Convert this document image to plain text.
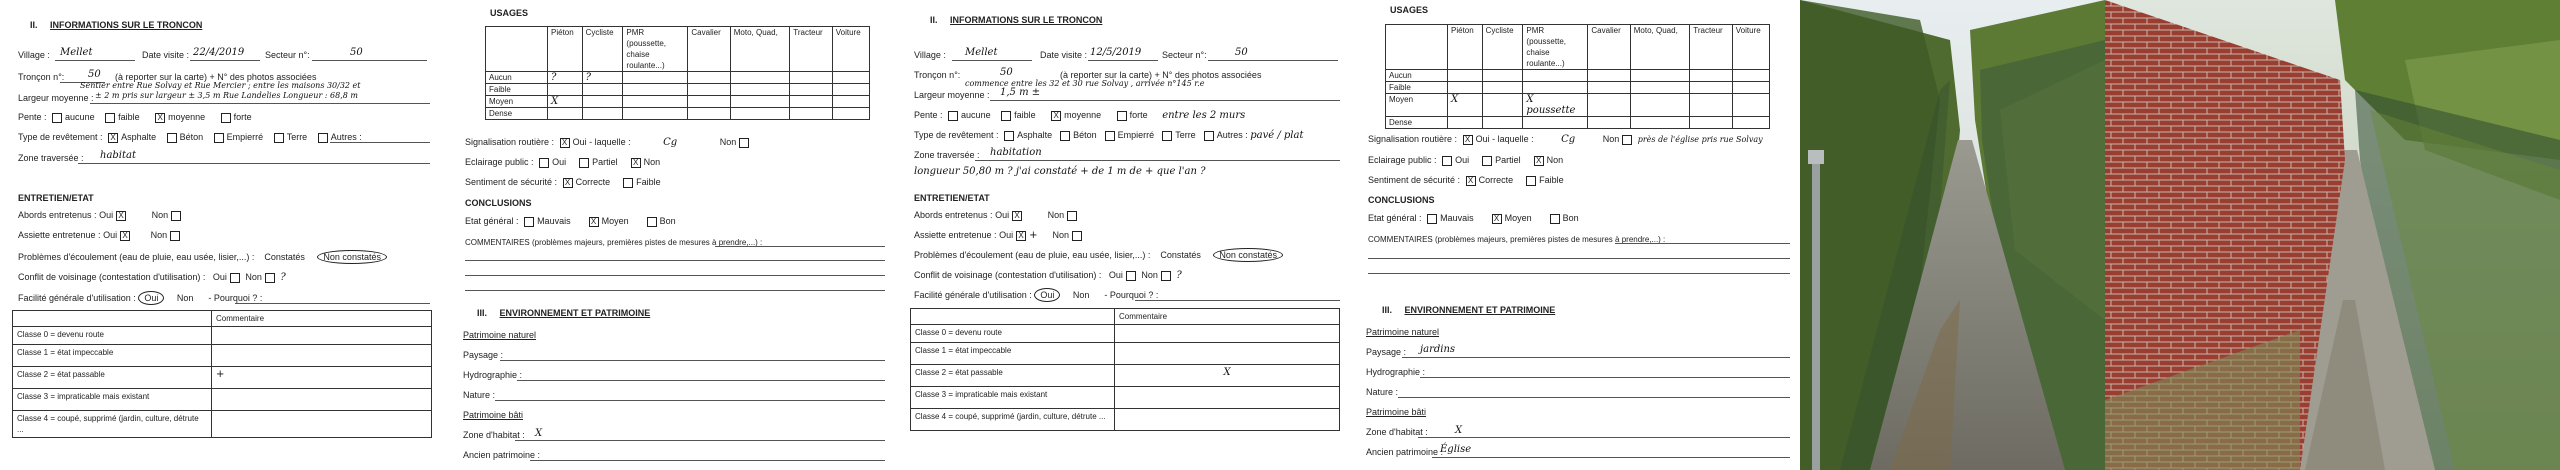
II. INFORMATIONS SUR LE TRONCON
Village : Mellet	Date visite : 22/4/2019 Secteur n°:	50
Tronçon n°: 50 (à reporter sur la carte) + N° des photos associées
Sentier entre Rue Solvay et Rue Mercier ; entre les maisons 30/32 et
Largeur moyenne : ± 2 m pris sur largeur ± 3,5 m Rue Landelies Longueur : 68,8 m
Pente : aucune	faible X moyenne	forte
Type de revêtement : X Asphalte	Béton	Empierré	Terre	Autres :
Zone traversée : habitat
ENTRETIEN/ETAT
Abords entretenus : Oui X	Non
Assiette entretenue : Oui X	Non
Problèmes d'écoulement (eau de pluie, eau usée, lisier,...) : Constatés Non constatés
Conflit de voisinage (contestation d'utilisation) : Oui Non ?
Facilité générale d'utilisation : Oui Non      - Pourquoi ? :
	Commentaire
Classe 0 = devenu route	
Classe 1 = état impeccable	
Classe 2 = état passable	+
Classe 3 = impraticable mais existant	
Classe 4 = coupé, supprimé (jardin, culture, détrute ...	
USAGES
	Piéton	Cycliste	PMR (poussette, chaise roulante...)	Cavalier	Moto, Quad,	Tracteur	Voiture
Aucun	?	?					
Faible							
Moyen	X						
Dense							
Signalisation routière : X Oui - laquelle :	Cg	Non
Eclairage public : Oui	Partiel X Non
Sentiment de sécurité : X Correcte	Faible
CONCLUSIONS
Etat général : Mauvais	X Moyen	Bon
COMMENTAIRES (problèmes majeurs, premières pistes de mesures à prendre,...) :
III. ENVIRONNEMENT ET PATRIMOINE
Patrimoine naturel
Paysage :
Hydrographie :
Nature :
Patrimoine bâti
Zone d'habitat : X
Ancien patrimoine :
II. INFORMATIONS SUR LE TRONCON
Village : Mellet	Date visite : 12/5/2019 Secteur n°:	50
Tronçon n°:	50	(à reporter sur la carte) + N° des photos associées
commence entre les 32 et 30 rue Solvay , arrivée n°145 r.e
Largeur moyenne : 1,5 m ±
Pente : aucune	faible X moyenne	forte entre les 2 murs
Type de revêtement : Asphalte Béton Empierré Terre Autres : pavé / plat
Zone traversée : habitation
longueur 50,80 m ? j'ai constaté + de 1 m de + que l'an ?
ENTRETIEN/ETAT
Abords entretenus : Oui X	Non
Assiette entretenue : Oui X + Non
Problèmes d'écoulement (eau de pluie, eau usée, lisier,...) : Constatés Non constatés
Conflit de voisinage (contestation d'utilisation) : Oui Non ?
Facilité générale d'utilisation : Oui Non      - Pourquoi ? :
	Commentaire
Classe 0 = devenu route	
Classe 1 = état impeccable	
Classe 2 = état passable	X
Classe 3 = impraticable mais existant	
Classe 4 = coupé, supprimé (jardin, culture, détrute ...	
USAGES
	Piéton	Cycliste	PMR (poussette, chaise roulante...)	Cavalier	Moto, Quad,	Tracteur	Voiture
Aucun							
Faible							
Moyen	X		X poussette				
Dense							
Signalisation routière : X Oui - laquelle :	Cg	Non près de l'église pris rue Solvay
Eclairage public : Oui	Partiel X Non
Sentiment de sécurité : X Correcte	Faible
CONCLUSIONS
Etat général : Mauvais	X Moyen	Bon
COMMENTAIRES (problèmes majeurs, premières pistes de mesures à prendre,...) :
III. ENVIRONNEMENT ET PATRIMOINE
Patrimoine naturel
Paysage : jardins
Hydrographie :
Nature :
Patrimoine bâti
Zone d'habitat :	X
Ancien patrimoine :
Église
